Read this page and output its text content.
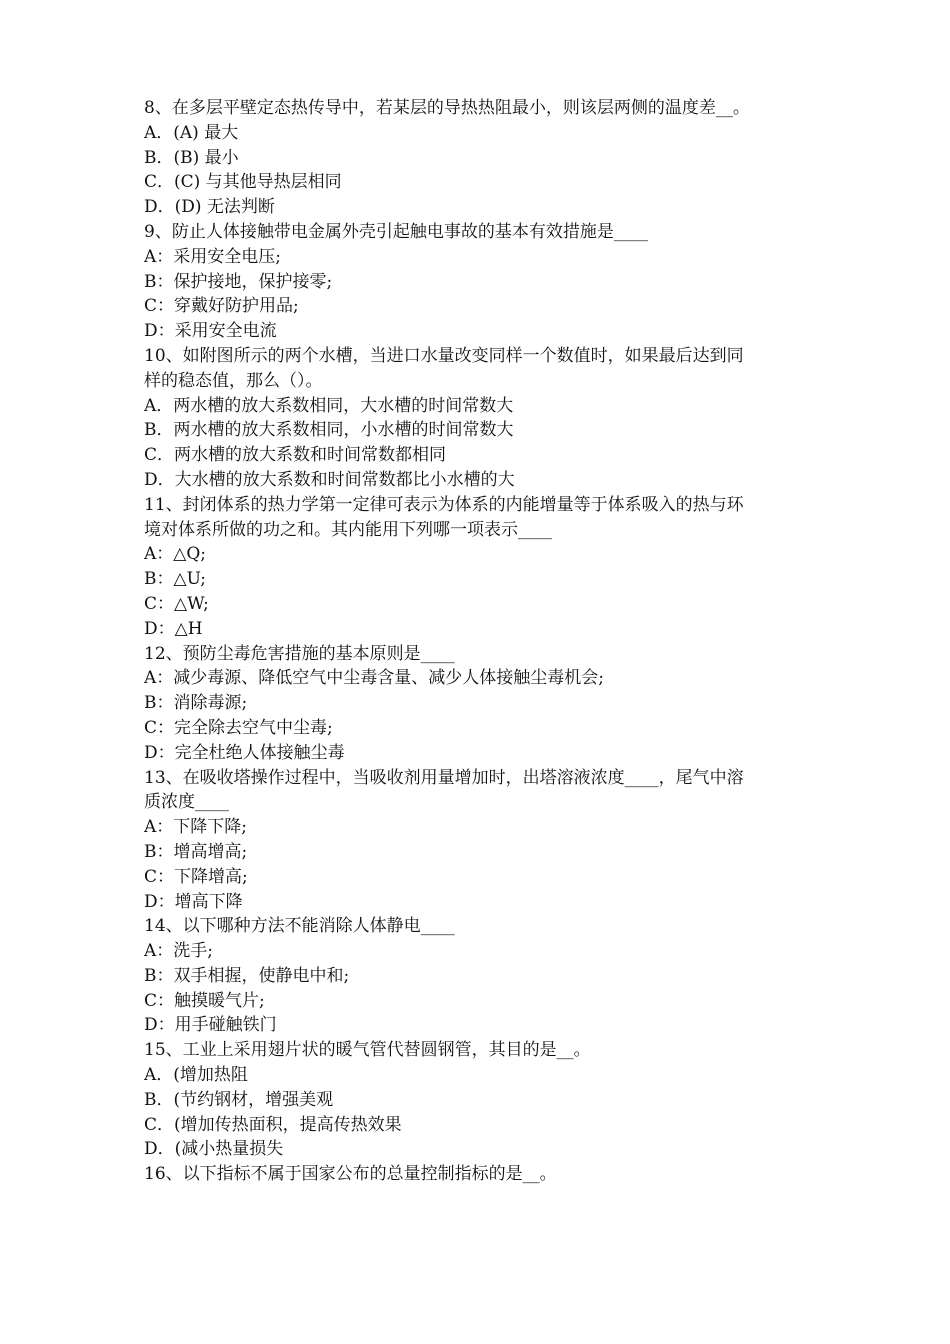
8、在多层平壁定态热传导中，若某层的导热热阻最小，则该层两侧的温度差__。
A．(A) 最大
B．(B) 最小
C．(C) 与其他导热层相同
D．(D) 无法判断
9、防止人体接触带电金属外壳引起触电事故的基本有效措施是____
A：采用安全电压;
B：保护接地，保护接零;
C：穿戴好防护用品;
D：采用安全电流
10、如附图所示的两个水槽，当进口水量改变同样一个数值时，如果最后达到同
样的稳态值，那么（）。
A．两水槽的放大系数相同，大水槽的时间常数大
B．两水槽的放大系数相同，小水槽的时间常数大
C．两水槽的放大系数和时间常数都相同
D．大水槽的放大系数和时间常数都比小水槽的大
11、封闭体系的热力学第一定律可表示为体系的内能增量等于体系吸入的热与环
境对体系所做的功之和。其内能用下列哪一项表示____
A：△Q;
B：△U;
C：△W;
D：△H
12、预防尘毒危害措施的基本原则是____
A：减少毒源、降低空气中尘毒含量、减少人体接触尘毒机会;
B：消除毒源;
C：完全除去空气中尘毒;
D：完全杜绝人体接触尘毒
13、在吸收塔操作过程中，当吸收剂用量增加时，出塔溶液浓度____，尾气中溶
质浓度____
A：下降下降;
B：增高增高;
C：下降增高;
D：增高下降
14、以下哪种方法不能消除人体静电____
A：洗手;
B：双手相握，使静电中和;
C：触摸暖气片;
D：用手碰触铁门
15、工业上采用翅片状的暖气管代替圆钢管，其目的是__。
A．(增加热阻
B．(节约钢材，增强美观
C．(增加传热面积，提高传热效果
D．(减小热量损失
16、以下指标不属于国家公布的总量控制指标的是__。
